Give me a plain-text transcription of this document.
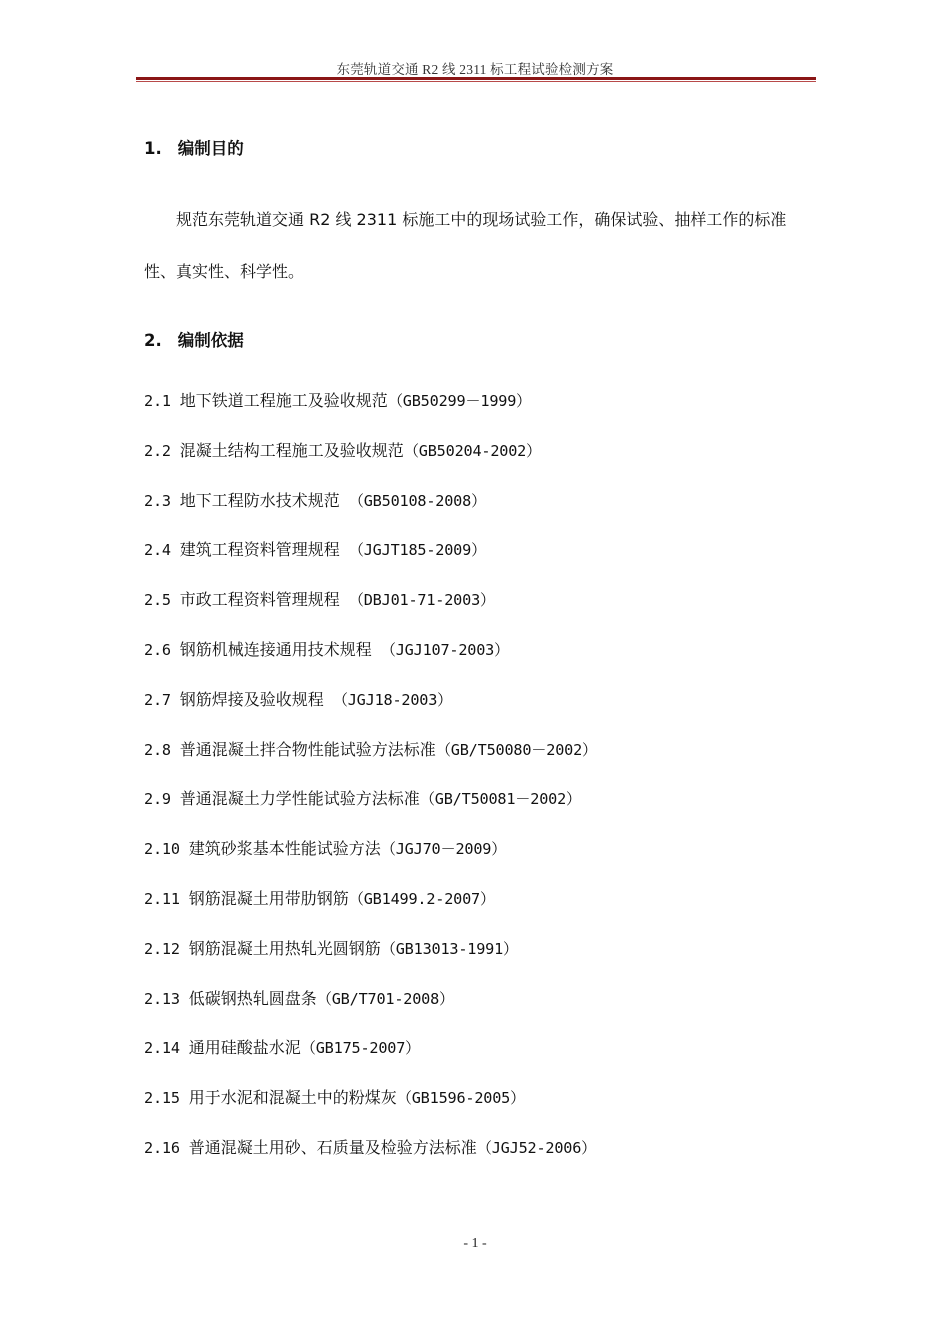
东莞轨道交通 R2 线 2311 标工程试验检测方案
1. 编制目的

规范东莞轨道交通 R2 线 2311 标施工中的现场试验工作，确保试验、抽样工作的标准性、真实性、科学性。

2. 编制依据
2.1 地下铁道工程施工及验收规范（GB50299－1999）
2.2 混凝土结构工程施工及验收规范（GB50204-2002）
2.3 地下工程防水技术规范 （GB50108-2008）
2.4 建筑工程资料管理规程 （JGJT185-2009）
2.5 市政工程资料管理规程 （DBJ01-71-2003）
2.6 钢筋机械连接通用技术规程 （JGJ107-2003）
2.7 钢筋焊接及验收规程 （JGJ18-2003）
2.8 普通混凝土拌合物性能试验方法标准（GB/T50080－2002）
2.9 普通混凝土力学性能试验方法标准（GB/T50081－2002）
2.10 建筑砂浆基本性能试验方法（JGJ70－2009）
2.11 钢筋混凝土用带肋钢筋（GB1499.2-2007）
2.12 钢筋混凝土用热轧光圆钢筋（GB13013-1991）
2.13 低碳钢热轧圆盘条（GB/T701-2008）
2.14 通用硅酸盐水泥（GB175-2007）
2.15 用于水泥和混凝土中的粉煤灰（GB1596-2005）
2.16 普通混凝土用砂、石质量及检验方法标准（JGJ52-2006）
- 1 -
